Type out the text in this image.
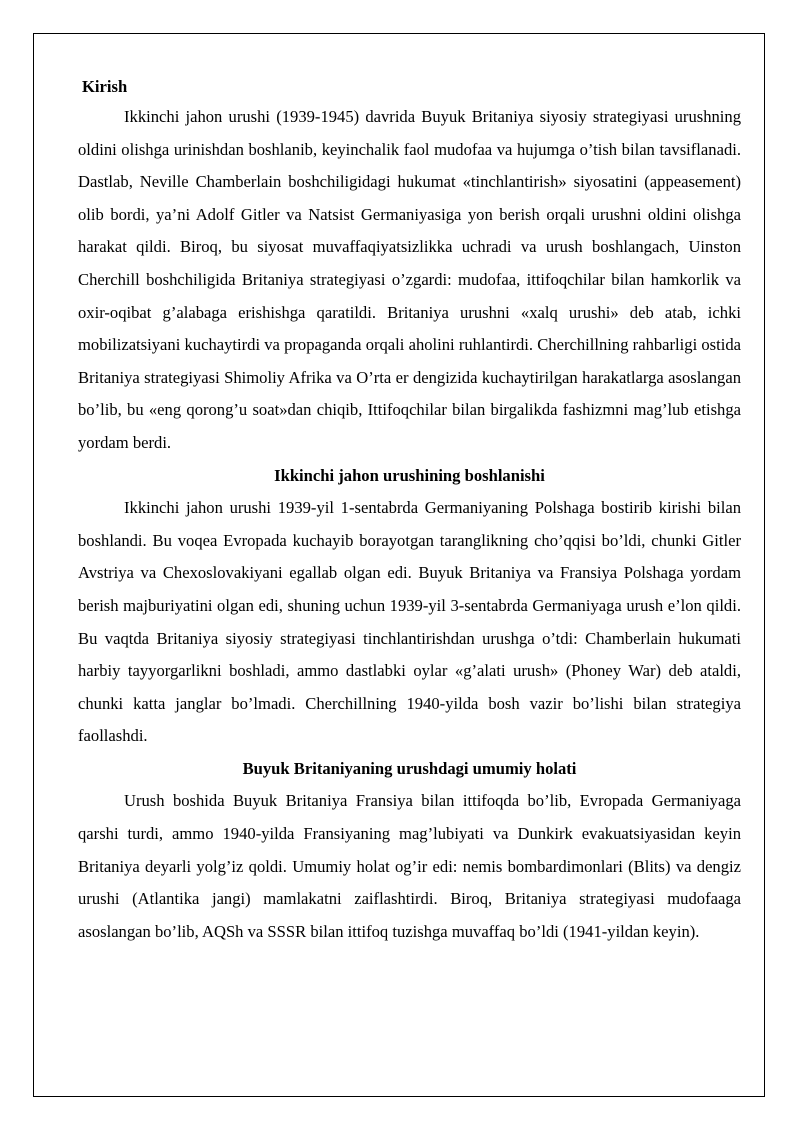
Kirish

Ikkinchi jahon urushi (1939-1945) davrida Buyuk Britaniya siyosiy strategiyasi urushning oldini olishga urinishdan boshlanib, keyinchalik faol mudofaa va hujumga o’tish bilan tavsiflanadi. Dastlab, Neville Chamberlain boshchiligidagi hukumat «tinchlantirish» siyosatini (appeasement) olib bordi, ya’ni Adolf Gitler va Natsist Germaniyasiga yon berish orqali urushni oldini olishga harakat qildi. Biroq, bu siyosat muvaffaqiyatsizlikka uchradi va urush boshlangach, Uinston Cherchill boshchiligida Britaniya strategiyasi o’zgardi: mudofaa, ittifoqchilar bilan hamkorlik va oxir-oqibat g’alabaga erishishga qaratildi. Britaniya urushni «xalq urushi» deb atab, ichki mobilizatsiyani kuchaytirdi va propaganda orqali aholini ruhlantirdi. Cherchillning rahbarligi ostida Britaniya strategiyasi Shimoliy Afrika va O’rta er dengizida kuchaytirilgan harakatlarga asoslangan bo’lib, bu «eng qorong’u soat»dan chiqib, Ittifoqchilar bilan birgalikda fashizmni mag’lub etishga yordam berdi.

Ikkinchi jahon urushining boshlanishi

Ikkinchi jahon urushi 1939-yil 1-sentabrda Germaniyaning Polshaga bostirib kirishi bilan boshlandi. Bu voqea Evropada kuchayib borayotgan taranglikning cho’qqisi bo’ldi, chunki Gitler Avstriya va Chexoslovakiyani egallab olgan edi. Buyuk Britaniya va Fransiya Polshaga yordam berish majburiyatini olgan edi, shuning uchun 1939-yil 3-sentabrda Germaniyaga urush e’lon qildi. Bu vaqtda Britaniya siyosiy strategiyasi tinchlantirishdan urushga o’tdi: Chamberlain hukumati harbiy tayyorgarlikni boshladi, ammo dastlabki oylar «g’alati urush» (Phoney War) deb ataldi, chunki katta janglar bo’lmadi. Cherchillning 1940-yilda bosh vazir bo’lishi bilan strategiya faollashdi.

Buyuk Britaniyaning urushdagi umumiy holati

Urush boshida Buyuk Britaniya Fransiya bilan ittifoqda bo’lib, Evropada Germaniyaga qarshi turdi, ammo 1940-yilda Fransiyaning mag’lubiyati va Dunkirk evakuatsiyasidan keyin Britaniya deyarli yolg’iz qoldi. Umumiy holat og’ir edi: nemis bombardimonlari (Blits) va dengiz urushi (Atlantika jangi) mamlakatni zaiflashtirdi. Biroq, Britaniya strategiyasi mudofaaga asoslangan bo’lib, AQSh va SSSR bilan ittifoq tuzishga muvaffaq bo’ldi (1941-yildan keyin).
